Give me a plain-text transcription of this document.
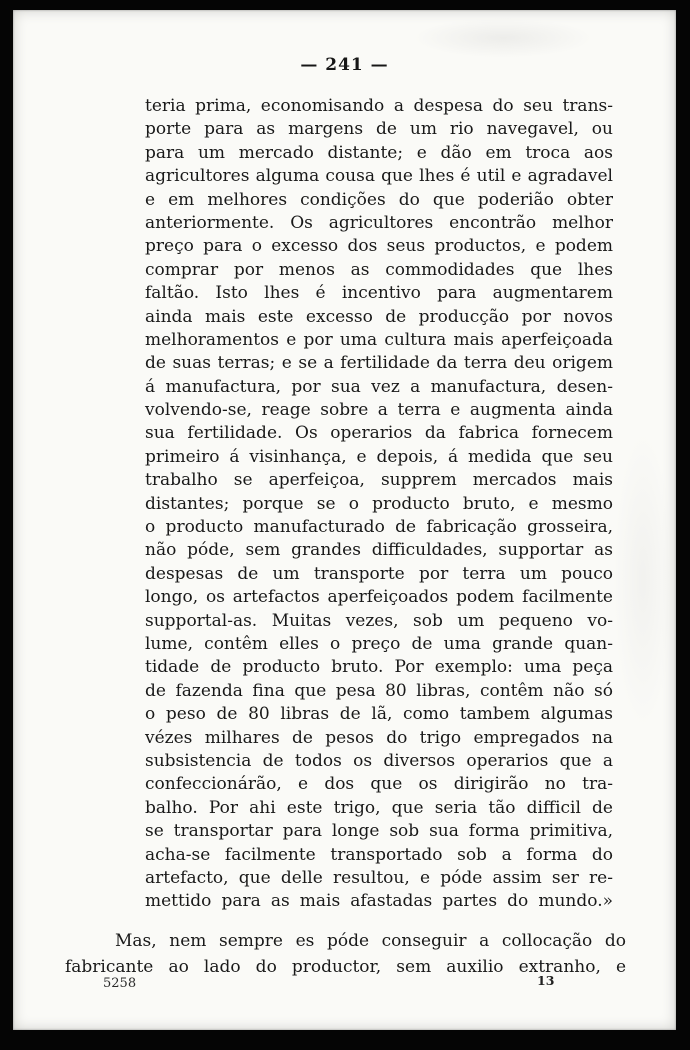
— 241 —
teria prima, economisando a despesa do seu trans-
porte para as margens de um rio navegavel, ou
para um mercado distante; e dão em troca aos
agricultores alguma cousa que lhes é util e agradavel
e em melhores condições do que poderião obter
anteriormente. Os agricultores encontrão melhor
preço para o excesso dos seus productos, e podem
comprar por menos as commodidades que lhes
faltão. Isto lhes é incentivo para augmentarem
ainda mais este excesso de producção por novos
melhoramentos e por uma cultura mais aperfeiçoada
de suas terras; e se a fertilidade da terra deu origem
á manufactura, por sua vez a manufactura, desen-
volvendo-se, reage sobre a terra e augmenta ainda
sua fertilidade. Os operarios da fabrica fornecem
primeiro á visinhança, e depois, á medida que seu
trabalho se aperfeiçoa, supprem mercados mais
distantes; porque se o producto bruto, e mesmo
o producto manufacturado de fabricação grosseira,
não póde, sem grandes difficuldades, supportar as
despesas de um transporte por terra um pouco
longo, os artefactos aperfeiçoados podem facilmente
supportal-as. Muitas vezes, sob um pequeno vo-
lume, contêm elles o preço de uma grande quan-
tidade de producto bruto. Por exemplo: uma peça
de fazenda fina que pesa 80 libras, contêm não só
o peso de 80 libras de lã, como tambem algumas
vézes milhares de pesos do trigo empregados na
subsistencia de todos os diversos operarios que a
confeccionárão, e dos que os dirigirão no tra-
balho. Por ahi este trigo, que seria tão difficil de
se transportar para longe sob sua forma primitiva,
acha-se facilmente transportado sob a forma do
artefacto, que delle resultou, e póde assim ser re-
mettido para as mais afastadas partes do mundo.»
Mas, nem sempre es póde conseguir a collocação do
fabricante ao lado do productor, sem auxilio extranho, e
5258	13
